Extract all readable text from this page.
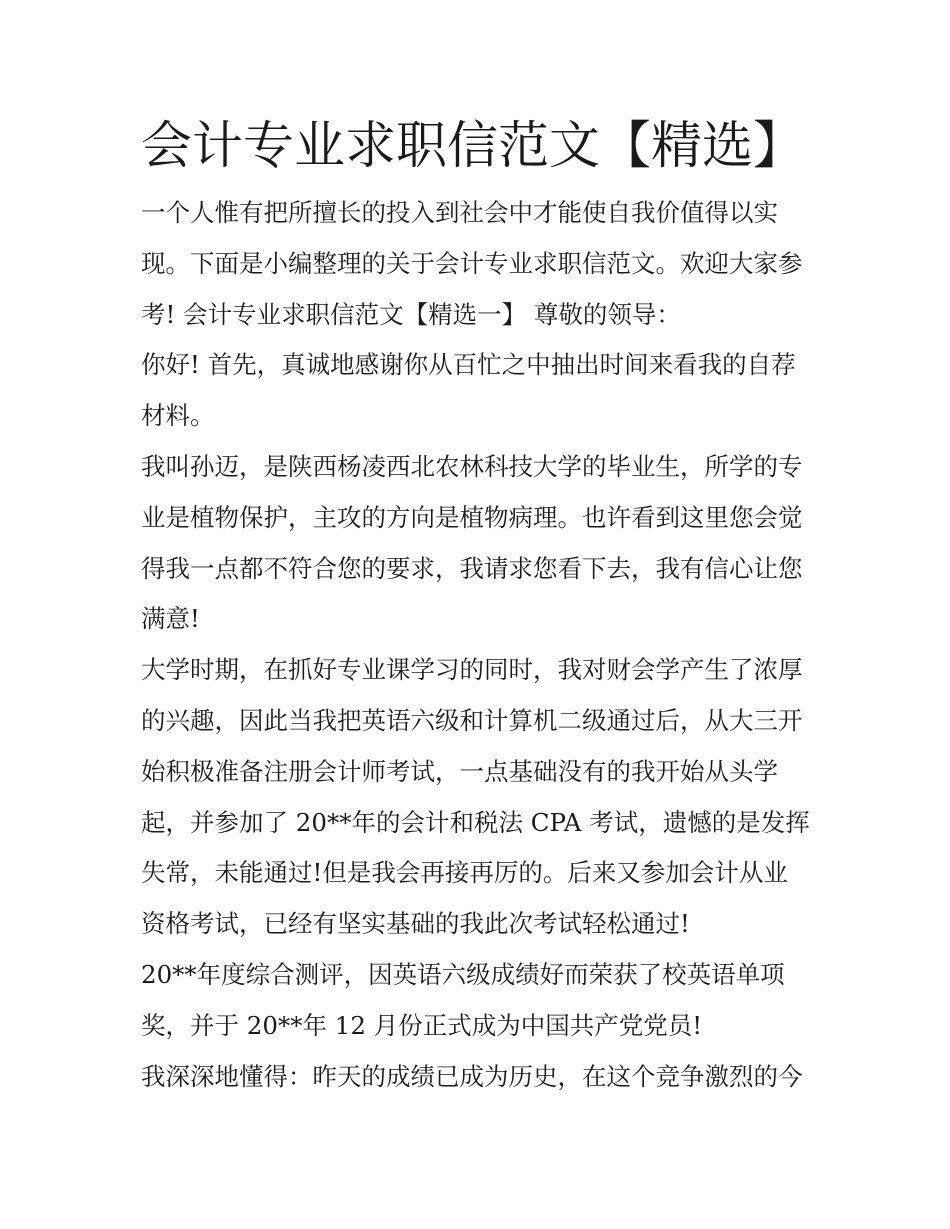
会计专业求职信范文【精选】

一个人惟有把所擅长的投入到社会中才能使自我价值得以实

现。下面是小编整理的关于会计专业求职信范文。欢迎大家参

考! 会计专业求职信范文【精选一】 尊敬的领导：

你好! 首先，真诚地感谢你从百忙之中抽出时间来看我的自荐

材料。

我叫孙迈，是陕西杨凌西北农林科技大学的毕业生，所学的专

业是植物保护，主攻的方向是植物病理。也许看到这里您会觉

得我一点都不符合您的要求，我请求您看下去，我有信心让您

满意!

大学时期，在抓好专业课学习的同时，我对财会学产生了浓厚

的兴趣，因此当我把英语六级和计算机二级通过后，从大三开

始积极准备注册会计师考试，一点基础没有的我开始从头学

起，并参加了 20**年的会计和税法 CPA 考试，遗憾的是发挥

失常，未能通过!但是我会再接再厉的。后来又参加会计从业

资格考试，已经有坚实基础的我此次考试轻松通过!

20**年度综合测评，因英语六级成绩好而荣获了校英语单项

奖，并于 20**年 12 月份正式成为中国共产党党员!

我深深地懂得：昨天的成绩已成为历史，在这个竞争激烈的今
